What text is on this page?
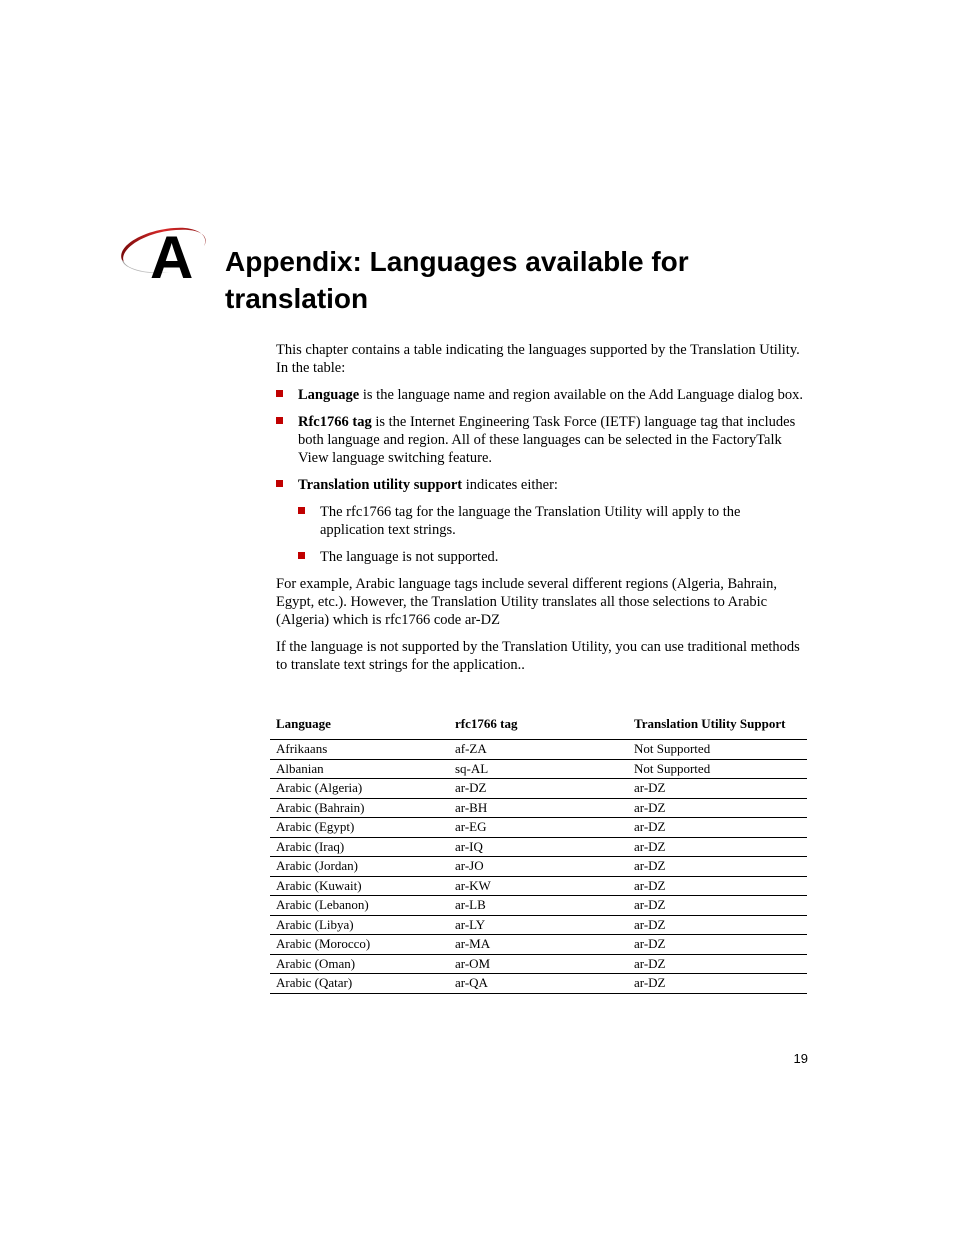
A Appendix: Languages available for
translation

This chapter contains a table indicating the languages supported by the Translation Utility. In the table:

Language is the language name and region available on the Add Language dialog box.
Rfc1766 tag is the Internet Engineering Task Force (IETF) language tag that includes both language and region. All of these languages can be selected in the FactoryTalk View language switching feature.
Translation utility support indicates either:
The rfc1766 tag for the language the Translation Utility will apply to the application text strings.
The language is not supported.

For example, Arabic language tags include several different regions (Algeria, Bahrain, Egypt, etc.). However, the Translation Utility translates all those selections to Arabic (Algeria) which is rfc1766 code ar-DZ

If the language is not supported by the Translation Utility, you can use traditional methods to translate text strings for the application..

Language	rfc1766 tag	Translation Utility Support
Afrikaans	af-ZA	Not Supported
Albanian	sq-AL	Not Supported
Arabic (Algeria)	ar-DZ	ar-DZ
Arabic (Bahrain)	ar-BH	ar-DZ
Arabic (Egypt)	ar-EG	ar-DZ
Arabic (Iraq)	ar-IQ	ar-DZ
Arabic (Jordan)	ar-JO	ar-DZ
Arabic (Kuwait)	ar-KW	ar-DZ
Arabic (Lebanon)	ar-LB	ar-DZ
Arabic (Libya)	ar-LY	ar-DZ
Arabic (Morocco)	ar-MA	ar-DZ
Arabic (Oman)	ar-OM	ar-DZ
Arabic (Qatar)	ar-QA	ar-DZ
19
